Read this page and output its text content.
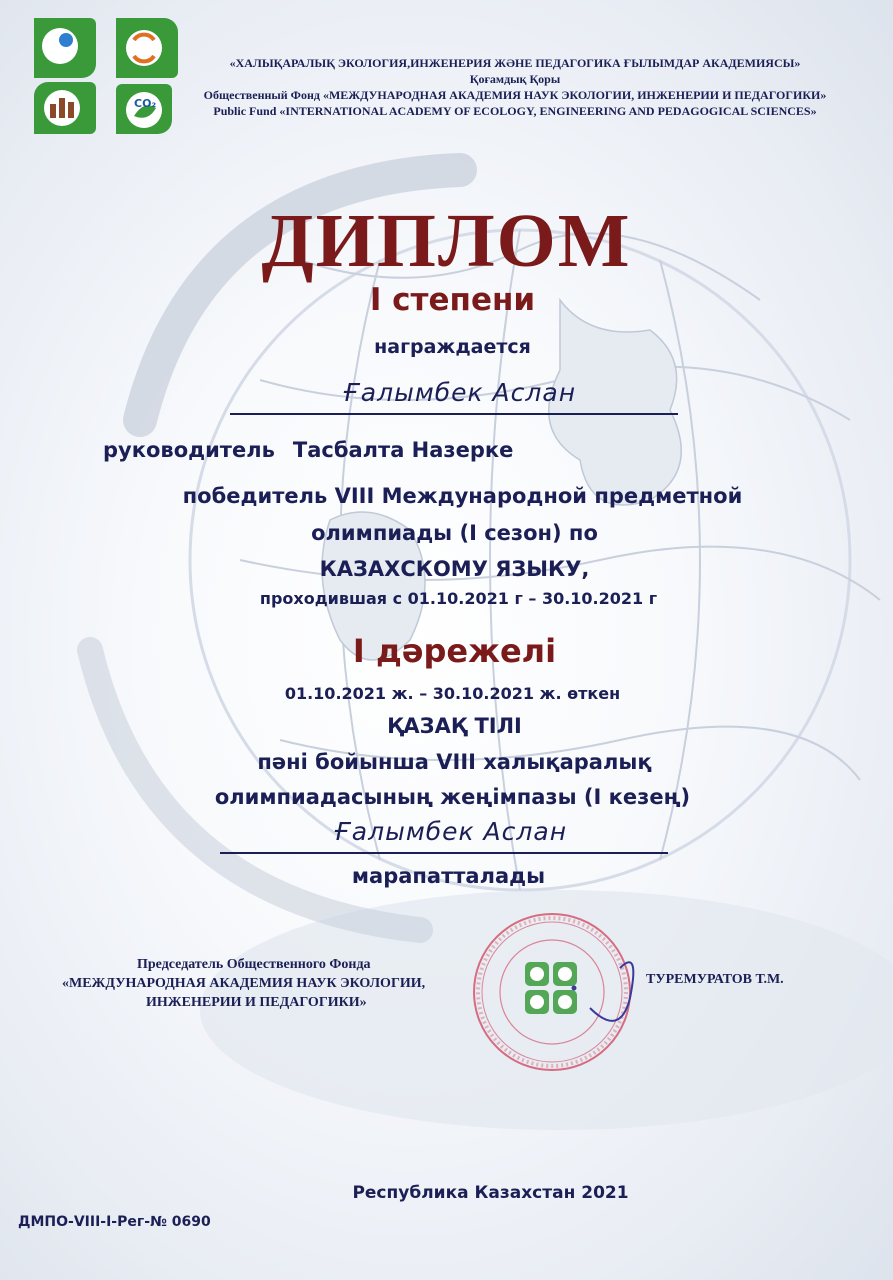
CO₂
«ХАЛЫҚАРАЛЫҚ ЭКОЛОГИЯ,ИНЖЕНЕРИЯ ЖӘНЕ ПЕДАГОГИКА ҒЫЛЫМДАР АКАДЕМИЯСЫ»
Қоғамдық Қоры
Общественный Фонд «МЕЖДУНАРОДНАЯ АКАДЕМИЯ НАУК ЭКОЛОГИИ, ИНЖЕНЕРИИ И ПЕДАГОГИКИ»
Public Fund «INTERNATIONAL ACADEMY OF ECOLOGY, ENGINEERING AND PEDAGOGICAL SCIENCES»
ДИПЛОМ
I степени
награждается
Ғалымбек Аслан
руководитель Тасбалта Назерке
победитель VIII Международной предметной
олимпиады (I сезон) по
КАЗАХСКОМУ ЯЗЫКУ,
проходившая с 01.10.2021 г – 30.10.2021 г
I дәрежелі
01.10.2021 ж. – 30.10.2021 ж. өткен
ҚАЗАҚ ТІЛІ
пәні бойынша VIII халықаралық
олимпиадасының жеңімпазы (I кезең)
Ғалымбек Аслан
марапатталады
Председатель Общественного Фонда
«МЕЖДУНАРОДНАЯ АКАДЕМИЯ НАУК ЭКОЛОГИИ,
ИНЖЕНЕРИИ И ПЕДАГОГИКИ»
ТУРЕМУРАТОВ Т.М.
Республика Казахстан 2021
ДМПО-VIII-I-Рег-№ 0690
